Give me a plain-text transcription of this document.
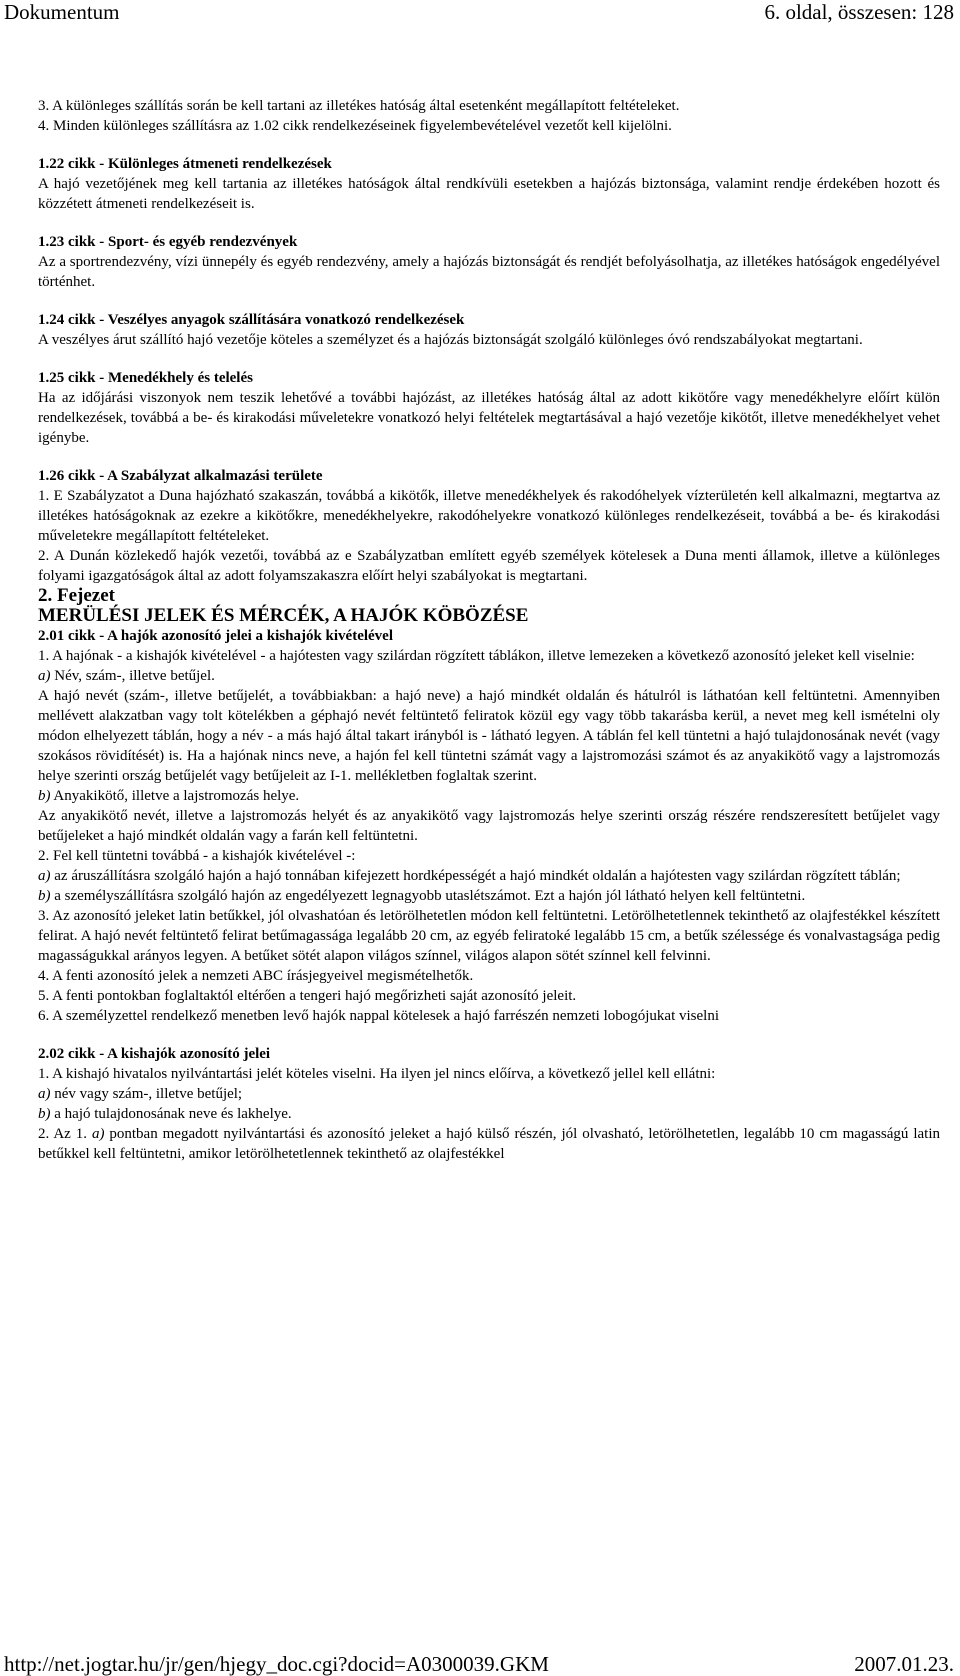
Dokumentum	6. oldal, összesen: 128

3. A különleges szállítás során be kell tartani az illetékes hatóság által esetenként megállapított feltételeket.

4. Minden különleges szállításra az 1.02 cikk rendelkezéseinek figyelembevételével vezetőt kell kijelölni.

1.22 cikk - Különleges átmeneti rendelkezések

A hajó vezetőjének meg kell tartania az illetékes hatóságok által rendkívüli esetekben a hajózás biztonsága, valamint rendje érdekében hozott és közzétett átmeneti rendelkezéseit is.

1.23 cikk - Sport- és egyéb rendezvények

Az a sportrendezvény, vízi ünnepély és egyéb rendezvény, amely a hajózás biztonságát és rendjét befolyásolhatja, az illetékes hatóságok engedélyével történhet.

1.24 cikk - Veszélyes anyagok szállítására vonatkozó rendelkezések

A veszélyes árut szállító hajó vezetője köteles a személyzet és a hajózás biztonságát szolgáló különleges óvó rendszabályokat megtartani.

1.25 cikk - Menedékhely és telelés

Ha az időjárási viszonyok nem teszik lehetővé a további hajózást, az illetékes hatóság által az adott kikötőre vagy menedékhelyre előírt külön rendelkezések, továbbá a be- és kirakodási műveletekre vonatkozó helyi feltételek megtartásával a hajó vezetője kikötőt, illetve menedékhelyet vehet igénybe.

1.26 cikk - A Szabályzat alkalmazási területe

1. E Szabályzatot a Duna hajózható szakaszán, továbbá a kikötők, illetve menedékhelyek és rakodóhelyek vízterületén kell alkalmazni, megtartva az illetékes hatóságoknak az ezekre a kikötőkre, menedékhelyekre, rakodóhelyekre vonatkozó különleges rendelkezéseit, továbbá a be- és kirakodási műveletekre megállapított feltételeket.

2. A Dunán közlekedő hajók vezetői, továbbá az e Szabályzatban említett egyéb személyek kötelesek a Duna menti államok, illetve a különleges folyami igazgatóságok által az adott folyamszakaszra előírt helyi szabályokat is megtartani.

2. Fejezet

MERÜLÉSI JELEK ÉS MÉRCÉK, A HAJÓK KÖBÖZÉSE

2.01 cikk - A hajók azonosító jelei a kishajók kivételével

1. A hajónak - a kishajók kivételével - a hajótesten vagy szilárdan rögzített táblákon, illetve lemezeken a következő azonosító jeleket kell viselnie:

a) Név, szám-, illetve betűjel.

A hajó nevét (szám-, illetve betűjelét, a továbbiakban: a hajó neve) a hajó mindkét oldalán és hátulról is láthatóan kell feltüntetni. Amennyiben mellévett alakzatban vagy tolt kötelékben a géphajó nevét feltüntető feliratok közül egy vagy több takarásba kerül, a nevet meg kell ismételni oly módon elhelyezett táblán, hogy a név - a más hajó által takart irányból is - látható legyen. A táblán fel kell tüntetni a hajó tulajdonosának nevét (vagy szokásos rövidítését) is. Ha a hajónak nincs neve, a hajón fel kell tüntetni számát vagy a lajstromozási számot és az anyakikötő vagy a lajstromozás helye szerinti ország betűjelét vagy betűjeleit az I-1. mellékletben foglaltak szerint.

b) Anyakikötő, illetve a lajstromozás helye.

Az anyakikötő nevét, illetve a lajstromozás helyét és az anyakikötő vagy lajstromozás helye szerinti ország részére rendszeresített betűjelet vagy betűjeleket a hajó mindkét oldalán vagy a farán kell feltüntetni.

2. Fel kell tüntetni továbbá - a kishajók kivételével -:

a) az áruszállításra szolgáló hajón a hajó tonnában kifejezett hordképességét a hajó mindkét oldalán a hajótesten vagy szilárdan rögzített táblán;

b) a személyszállításra szolgáló hajón az engedélyezett legnagyobb utaslétszámot. Ezt a hajón jól látható helyen kell feltüntetni.

3. Az azonosító jeleket latin betűkkel, jól olvashatóan és letörölhetetlen módon kell feltüntetni. Letörölhetetlennek tekinthető az olajfestékkel készített felirat. A hajó nevét feltüntető felirat betűmagassága legalább 20 cm, az egyéb feliratoké legalább 15 cm, a betűk szélessége és vonalvastagsága pedig magasságukkal arányos legyen. A betűket sötét alapon világos színnel, világos alapon sötét színnel kell felvinni.

4. A fenti azonosító jelek a nemzeti ABC írásjegyeivel megismételhetők.

5. A fenti pontokban foglaltaktól eltérően a tengeri hajó megőrizheti saját azonosító jeleit.

6. A személyzettel rendelkező menetben levő hajók nappal kötelesek a hajó farrészén nemzeti lobogójukat viselni

2.02 cikk - A kishajók azonosító jelei

1. A kishajó hivatalos nyilvántartási jelét köteles viselni. Ha ilyen jel nincs előírva, a következő jellel kell ellátni:

a) név vagy szám-, illetve betűjel;

b) a hajó tulajdonosának neve és lakhelye.

2. Az 1. a) pontban megadott nyilvántartási és azonosító jeleket a hajó külső részén, jól olvasható, letörölhetetlen, legalább 10 cm magasságú latin betűkkel kell feltüntetni, amikor letörölhetetlennek tekinthető az olajfestékkel

http://net.jogtar.hu/jr/gen/hjegy_doc.cgi?docid=A0300039.GKM	2007.01.23.
